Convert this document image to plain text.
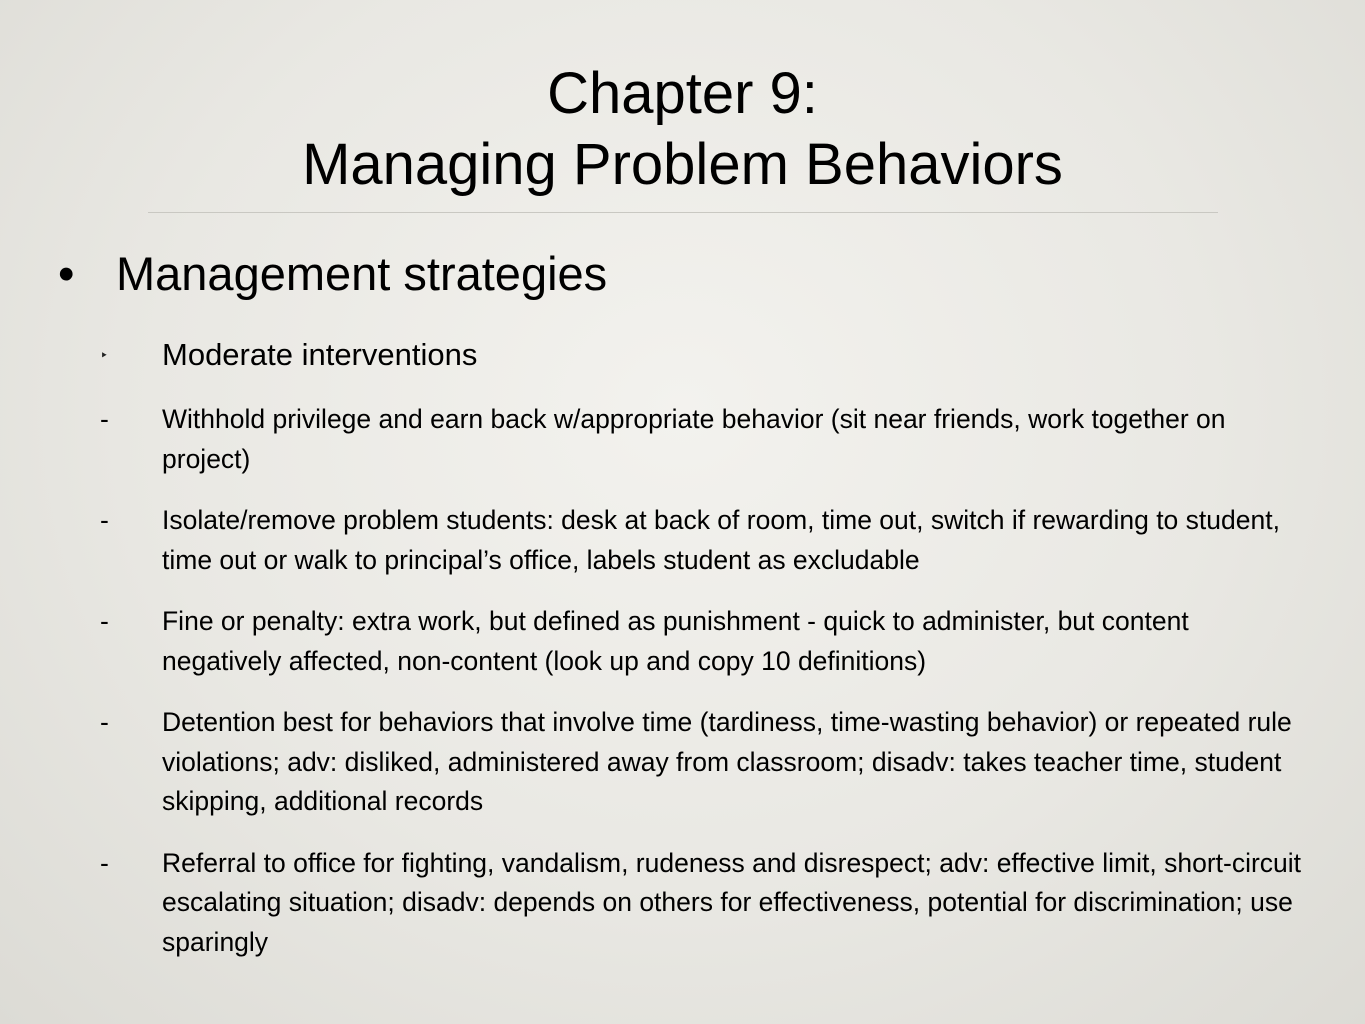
Chapter 9:
Managing Problem Behaviors
• Management strategies
‣ Moderate interventions
- Withhold privilege and earn back w/appropriate behavior (sit near friends, work together on project)
- Isolate/remove problem students: desk at back of room, time out, switch if rewarding to student, time out or walk to principal’s office, labels student as excludable
- Fine or penalty: extra work, but defined as punishment - quick to administer, but content negatively affected, non-content (look up and copy 10 definitions)
- Detention best for behaviors that involve time (tardiness, time-wasting behavior) or repeated rule violations; adv: disliked, administered away from classroom; disadv: takes teacher time, student skipping, additional records
- Referral to office for fighting, vandalism, rudeness and disrespect; adv: effective limit, short-circuit escalating situation; disadv: depends on others for effectiveness, potential for discrimination; use sparingly
